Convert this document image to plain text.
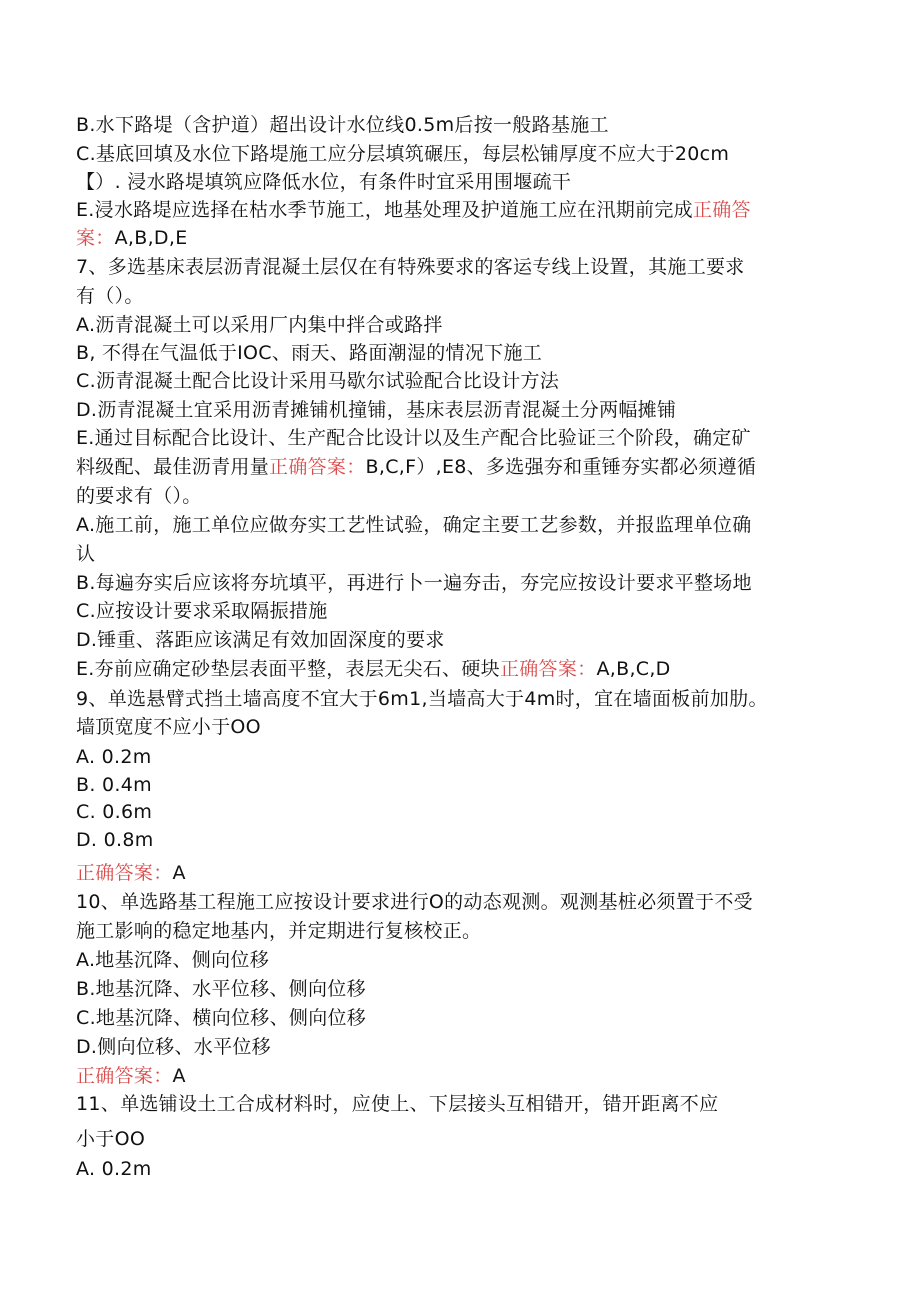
B.水下路堤（含护道）超出设计水位线0.5m后按一般路基施工
C.基底回填及水位下路堤施工应分层填筑碾压，每层松铺厚度不应大于20cm
【）. 浸水路堤填筑应降低水位，有条件时宜采用围堰疏干
E.浸水路堤应选择在枯水季节施工，地基处理及护道施工应在汛期前完成正确答
案：A,B,D,E
7、多选基床表层沥青混凝土层仅在有特殊要求的客运专线上设置，其施工要求
有（）。
A.沥青混凝土可以采用厂内集中拌合或路拌
B, 不得在气温低于IOC、雨天、路面潮湿的情况下施工
C.沥青混凝土配合比设计采用马歇尔试验配合比设计方法
D.沥青混凝土宜采用沥青摊铺机撞铺，基床表层沥青混凝土分两幅摊铺
E.通过目标配合比设计、生产配合比设计以及生产配合比验证三个阶段，确定矿
料级配、最佳沥青用量正确答案：B,C,F）,E8、多选强夯和重锤夯实都必须遵循
的要求有（）。
A.施工前，施工单位应做夯实工艺性试验，确定主要工艺参数，并报监理单位确
认
B.每遍夯实后应该将夯坑填平，再进行卜一遍夯击，夯完应按设计要求平整场地
C.应按设计要求采取隔振措施
D.锤重、落距应该满足有效加固深度的要求
E.夯前应确定砂垫层表面平整，表层无尖石、硬块正确答案：A,B,C,D
9、单选悬臂式挡土墙高度不宜大于6m1,当墙高大于4m时，宜在墙面板前加肋。
墙顶宽度不应小于OO
A. 0.2m
B. 0.4m
C. 0.6m
D. 0.8m
正确答案：A
10、单选路基工程施工应按设计要求进行O的动态观测。观测基桩必须置于不受
施工影响的稳定地基内，并定期进行复核校正。
A.地基沉降、侧向位移
B.地基沉降、水平位移、侧向位移
C.地基沉降、横向位移、侧向位移
D.侧向位移、水平位移
正确答案：A
11、单选铺设土工合成材料时，应使上、下层接头互相错开，错开距离不应
小于OO
A. 0.2m
